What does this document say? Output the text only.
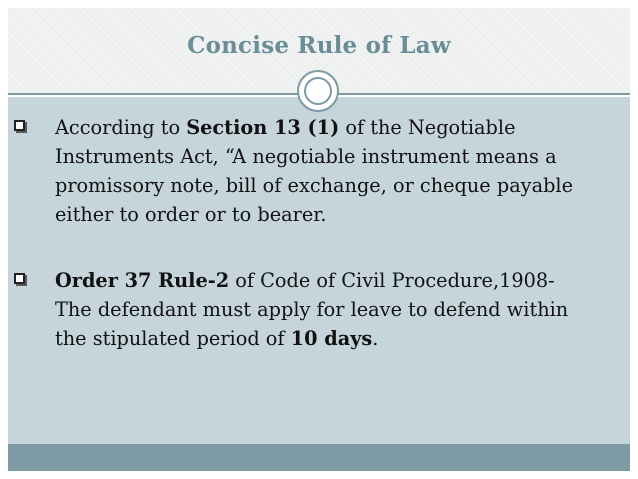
Concise Rule of Law
According to Section 13 (1) of the Negotiable Instruments Act, “A negotiable instrument means a promissory note, bill of exchange, or cheque payable either to order or to bearer.
Order 37 Rule-2 of Code of Civil Procedure,1908-The defendant must apply for leave to defend within the stipulated period of 10 days.
